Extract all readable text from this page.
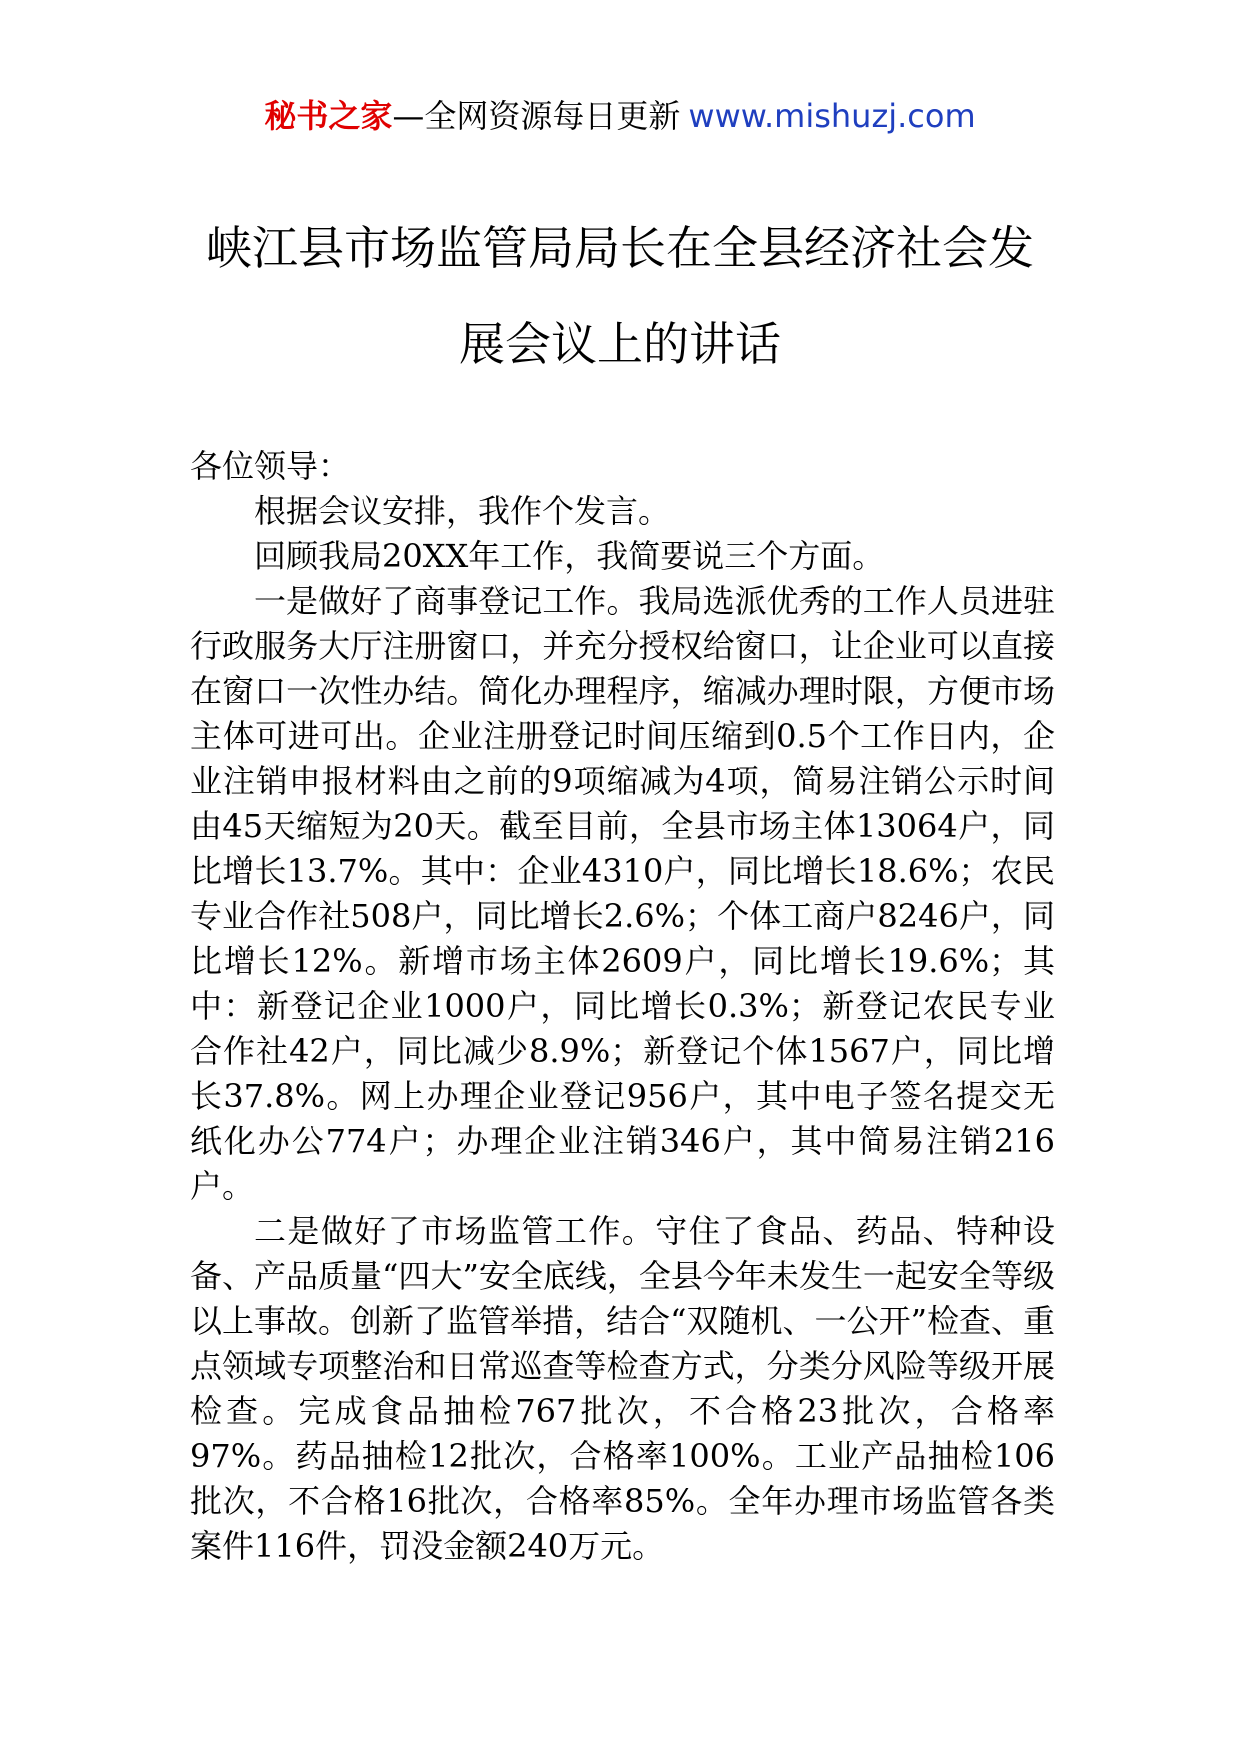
秘书之家—全网资源每日更新 www.mishuzj.com
峡江县市场监管局局长在全县经济社会发
展会议上的讲话

各位领导：

根据会议安排，我作个发言。

回顾我局20XX年工作，我简要说三个方面。

一是做好了商事登记工作。我局选派优秀的工作人员进驻行政服务大厅注册窗口，并充分授权给窗口，让企业可以直接在窗口一次性办结。简化办理程序，缩减办理时限，方便市场主体可进可出。企业注册登记时间压缩到0.5个工作日内，企业注销申报材料由之前的9项缩减为4项，简易注销公示时间由45天缩短为20天。截至目前，全县市场主体13064户，同比增长13.7%。其中：企业4310户，同比增长18.6%；农民专业合作社508户，同比增长2.6%；个体工商户8246户，同比增长12%。新增市场主体2609户，同比增长19.6%；其中：新登记企业1000户，同比增长0.3%；新登记农民专业合作社42户，同比减少8.9%；新登记个体1567户，同比增长37.8%。网上办理企业登记956户，其中电子签名提交无纸化办公774户；办理企业注销346户，其中简易注销216户。

二是做好了市场监管工作。守住了食品、药品、特种设备、产品质量“四大”安全底线，全县今年未发生一起安全等级以上事故。创新了监管举措，结合“双随机、一公开”检查、重点领域专项整治和日常巡查等检查方式，分类分风险等级开展检查。完成食品抽检767批次，不合格23批次，合格率97%。药品抽检12批次，合格率100%。工业产品抽检106批次，不合格16批次，合格率85%。全年办理市场监管各类案件116件，罚没金额240万元。
